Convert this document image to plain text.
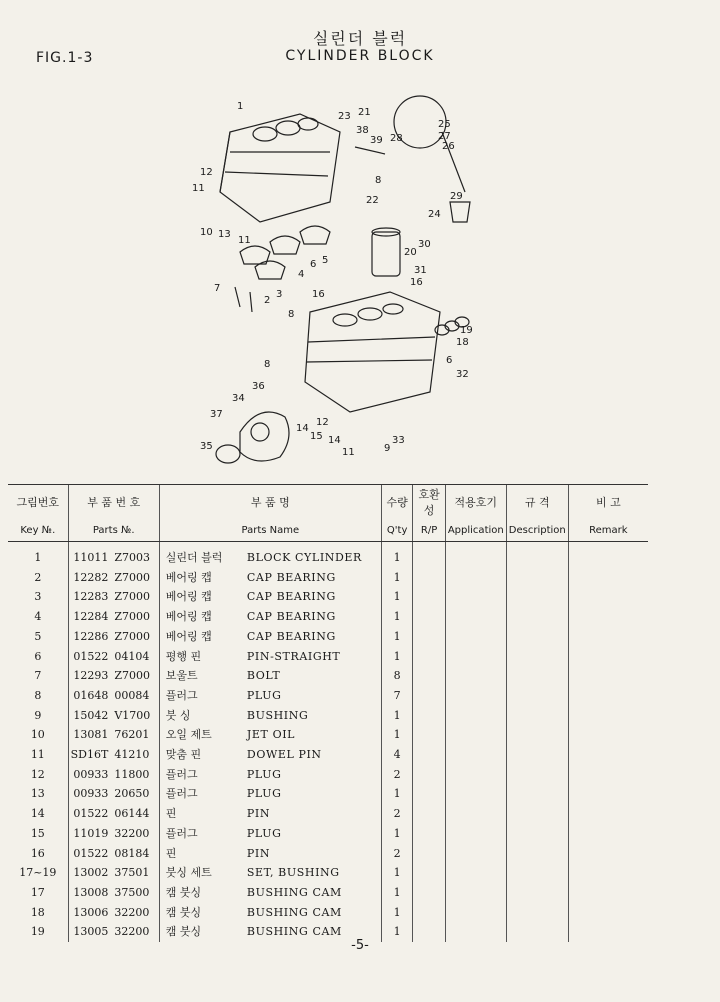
FIG.1-3
실린더 블럭
CYLINDER BLOCK
1
23 21
38
39
25
28	27
26
12
8
11
22	29
24
10 13
11	30
20
6 5
4	31
16
7
2
3	16
19
18
8
8	6
32
36
34
37
12
14
15 14	33
35	9
11
그림번호	부 품 번 호		부 품 명		수량	호환성	적용호기	규 격	비 고
Key №.	Parts №.		Parts Name		Q'ty	R/P	Application	Description	Remark
1	11011	Z7003	실린더 블럭	BLOCK CYLINDER	1				
2	12282	Z7000	베어링 캡	CAP BEARING	1				
3	12283	Z7000	베어링 캡	CAP BEARING	1				
4	12284	Z7000	베어링 캡	CAP BEARING	1				
5	12286	Z7000	베어링 캡	CAP BEARING	1				
6	01522	04104	평행 핀	PIN-STRAIGHT	1				
7	12293	Z7000	보울트	BOLT	8				
8	01648	00084	플러그	PLUG	7				
9	15042	V1700	붓 싱	BUSHING	1				
10	13081	76201	오일 제트	JET OIL	1				
11	SD16T	41210	맞춤 핀	DOWEL PIN	4				
12	00933	11800	플러그	PLUG	2				
13	00933	20650	플러그	PLUG	1				
14	01522	06144	핀	PIN	2				
15	11019	32200	플러그	PLUG	1				
16	01522	08184	핀	PIN	2				
17~19	13002	37501	붓싱 세트	SET, BUSHING	1				
17	13008	37500	캠 붓싱	BUSHING CAM	1				
18	13006	32200	캠 붓싱	BUSHING CAM	1				
19	13005	32200	캠 붓싱	BUSHING CAM	1				
-5-
